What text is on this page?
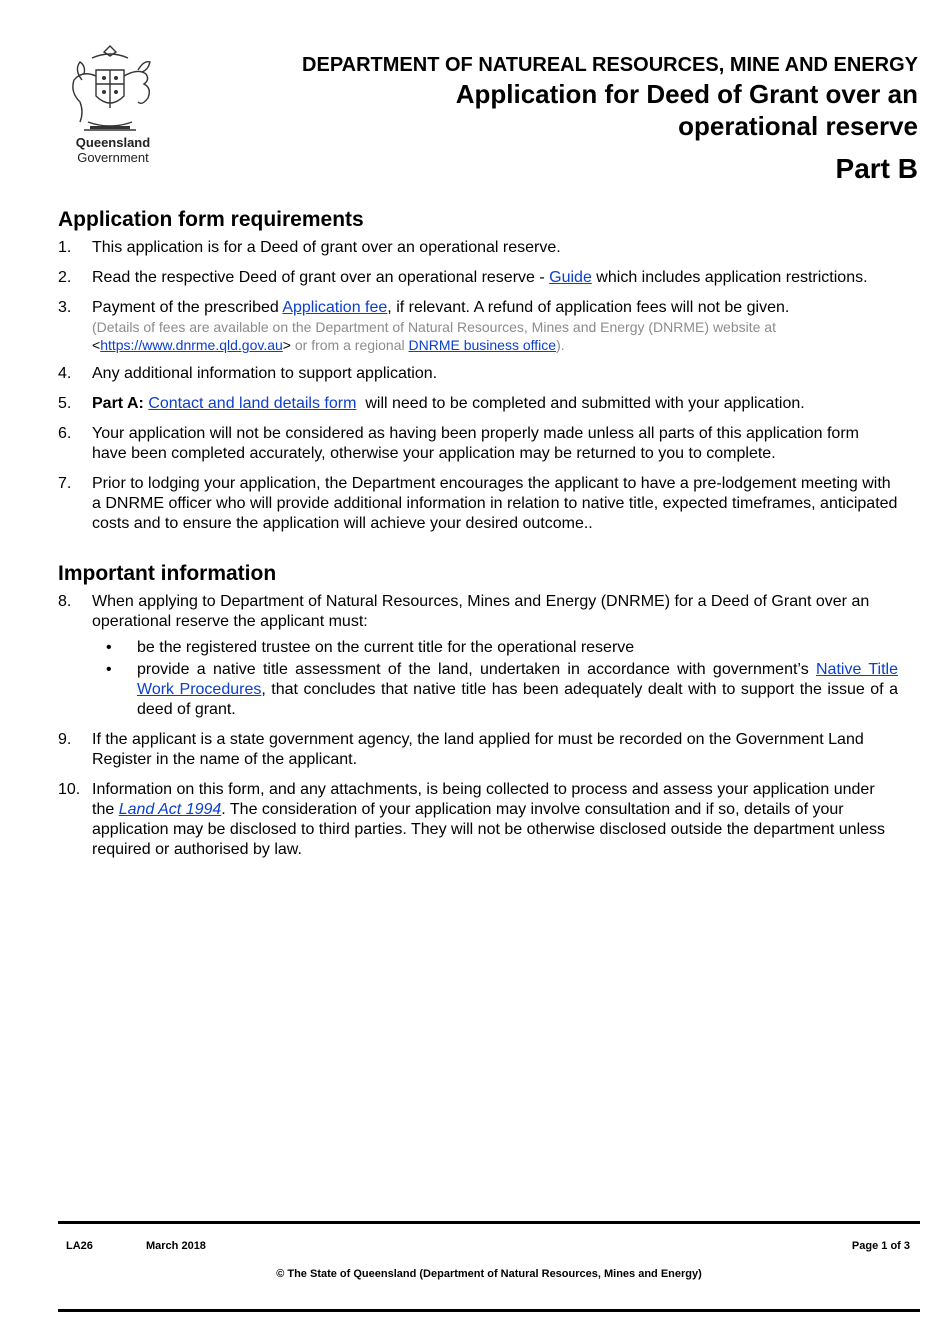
Queensland
Government
DEPARTMENT OF NATUREAL RESOURCES, MINE AND ENERGY
Application for Deed of Grant over an
operational reserve
Part B
Application form requirements
1. This application is for a Deed of grant over an operational reserve.
2. Read the respective Deed of grant over an operational reserve - Guide which includes application restrictions.
3. Payment of the prescribed Application fee, if relevant. A refund of application fees will not be given.
(Details of fees are available on the Department of Natural Resources, Mines and Energy (DNRME) website at <https://www.dnrme.qld.gov.au> or from a regional DNRME business office).
4. Any additional information to support application.
5. Part A: Contact and land details form  will need to be completed and submitted with your application.
6. Your application will not be considered as having been properly made unless all parts of this application form have been completed accurately, otherwise your application may be returned to you to complete.
7. Prior to lodging your application, the Department encourages the applicant to have a pre-lodgement meeting with a DNRME officer who will provide additional information in relation to native title, expected timeframes, anticipated costs and to ensure the application will achieve your desired outcome..
Important information
8. When applying to Department of Natural Resources, Mines and Energy (DNRME) for a Deed of Grant over an operational reserve the applicant must:
• be the registered trustee on the current title for the operational reserve
• provide a native title assessment of the land, undertaken in accordance with government’s Native Title Work Procedures, that concludes that native title has been adequately dealt with to support the issue of a deed of grant.
9. If the applicant is a state government agency, the land applied for must be recorded on the Government Land Register in the name of the applicant.
10. Information on this form, and any attachments, is being collected to process and assess your application under the Land Act 1994. The consideration of your application may involve consultation and if so, details of your application may be disclosed to third parties. They will not be otherwise disclosed outside the department unless required or authorised by law.
LA26	March 2018	Page 1 of 3
© The State of Queensland (Department of Natural Resources, Mines and Energy)
